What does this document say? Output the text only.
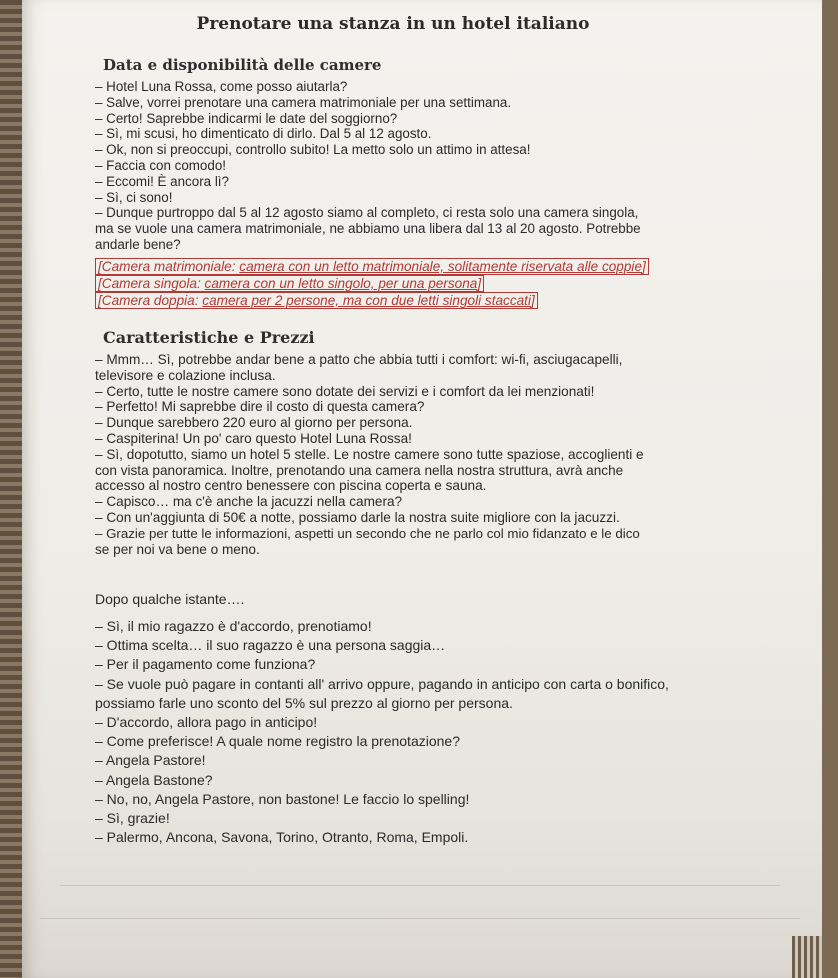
Prenotare una stanza in un hotel italiano
Data e disponibilità delle camere
– Hotel Luna Rossa, come posso aiutarla?
– Salve, vorrei prenotare una camera matrimoniale per una settimana.
– Certo! Saprebbe indicarmi le date del soggiorno?
– Sì, mi scusi, ho dimenticato di dirlo. Dal 5 al 12 agosto.
– Ok, non si preoccupi, controllo subito! La metto solo un attimo in attesa!
– Faccia con comodo!
– Eccomi! È ancora lì?
– Sì, ci sono!
– Dunque purtroppo dal 5 al 12 agosto siamo al completo, ci resta solo una camera singola,
ma se vuole una camera matrimoniale, ne abbiamo una libera dal 13 al 20 agosto. Potrebbe
andarle bene?
[Camera matrimoniale: camera con un letto matrimoniale, solitamente riservata alle coppie]
[Camera singola: camera con un letto singolo, per una persona]
[Camera doppia: camera per 2 persone, ma con due letti singoli staccati]
Caratteristiche e Prezzi
– Mmm… Sì, potrebbe andar bene a patto che abbia tutti i comfort: wi-fi, asciugacapelli,
televisore e colazione inclusa.
– Certo, tutte le nostre camere sono dotate dei servizi e i comfort da lei menzionati!
– Perfetto! Mi saprebbe dire il costo di questa camera?
– Dunque sarebbero 220 euro al giorno per persona.
– Caspiterina! Un po' caro questo Hotel Luna Rossa!
– Sì, dopotutto, siamo un hotel 5 stelle. Le nostre camere sono tutte spaziose, accoglienti e
con vista panoramica. Inoltre, prenotando una camera nella nostra struttura, avrà anche
accesso al nostro centro benessere con piscina coperta e sauna.
– Capisco… ma c'è anche la jacuzzi nella camera?
– Con un'aggiunta di 50€ a notte, possiamo darle la nostra suite migliore con la jacuzzi.
– Grazie per tutte le informazioni, aspetti un secondo che ne parlo col mio fidanzato e le dico
se per noi va bene o meno.
Dopo qualche istante….
– Sì, il mio ragazzo è d'accordo, prenotiamo!
– Ottima scelta… il suo ragazzo è una persona saggia…
– Per il pagamento come funziona?
– Se vuole può pagare in contanti all' arrivo oppure, pagando in anticipo con carta o bonifico,
possiamo farle uno sconto del 5% sul prezzo al giorno per persona.
– D'accordo, allora pago in anticipo!
– Come preferisce! A quale nome registro la prenotazione?
– Angela Pastore!
– Angela Bastone?
– No, no, Angela Pastore, non bastone! Le faccio lo spelling!
– Sì, grazie!
– Palermo, Ancona, Savona, Torino, Otranto, Roma, Empoli.
